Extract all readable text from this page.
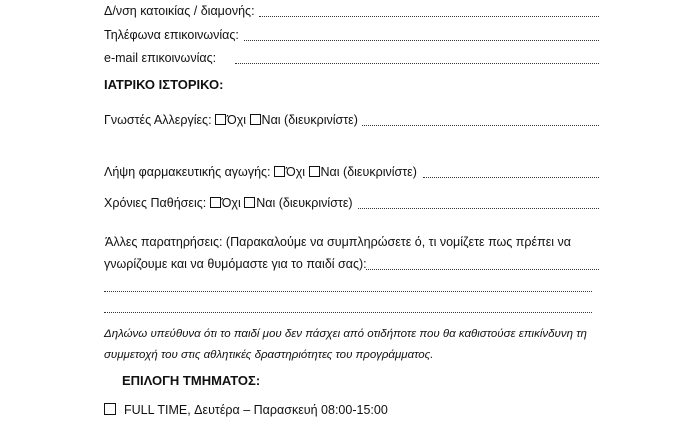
Δ/νση κατοικίας / διαμονής:
Τηλέφωνα επικοινωνίας:
e-mail επικοινωνίας:
ΙΑΤΡΙΚΟ ΙΣΤΟΡΙΚΟ:
Γνωστές Αλλεργίες: Όχι Ναι (διευκρινίστε)
Λήψη φαρμακευτικής αγωγής: Όχι Ναι (διευκρινίστε)
Χρόνιες Παθήσεις: Όχι Ναι (διευκρινίστε)
Άλλες παρατηρήσεις: (Παρακαλούμε να συμπληρώσετε ό, τι νομίζετε πως πρέπει να
γνωρίζουμε και να θυμόμαστε για το παιδί σας):
Δηλώνω υπεύθυνα ότι το παιδί μου δεν πάσχει από οτιδήποτε που θα καθιστούσε επικίνδυνη τη
συμμετοχή του στις αθλητικές δραστηριότητες του προγράμματος.
ΕΠΙΛΟΓΗ ΤΜΗΜΑΤΟΣ:
FULL TIME, Δευτέρα – Παρασκευή 08:00-15:00
